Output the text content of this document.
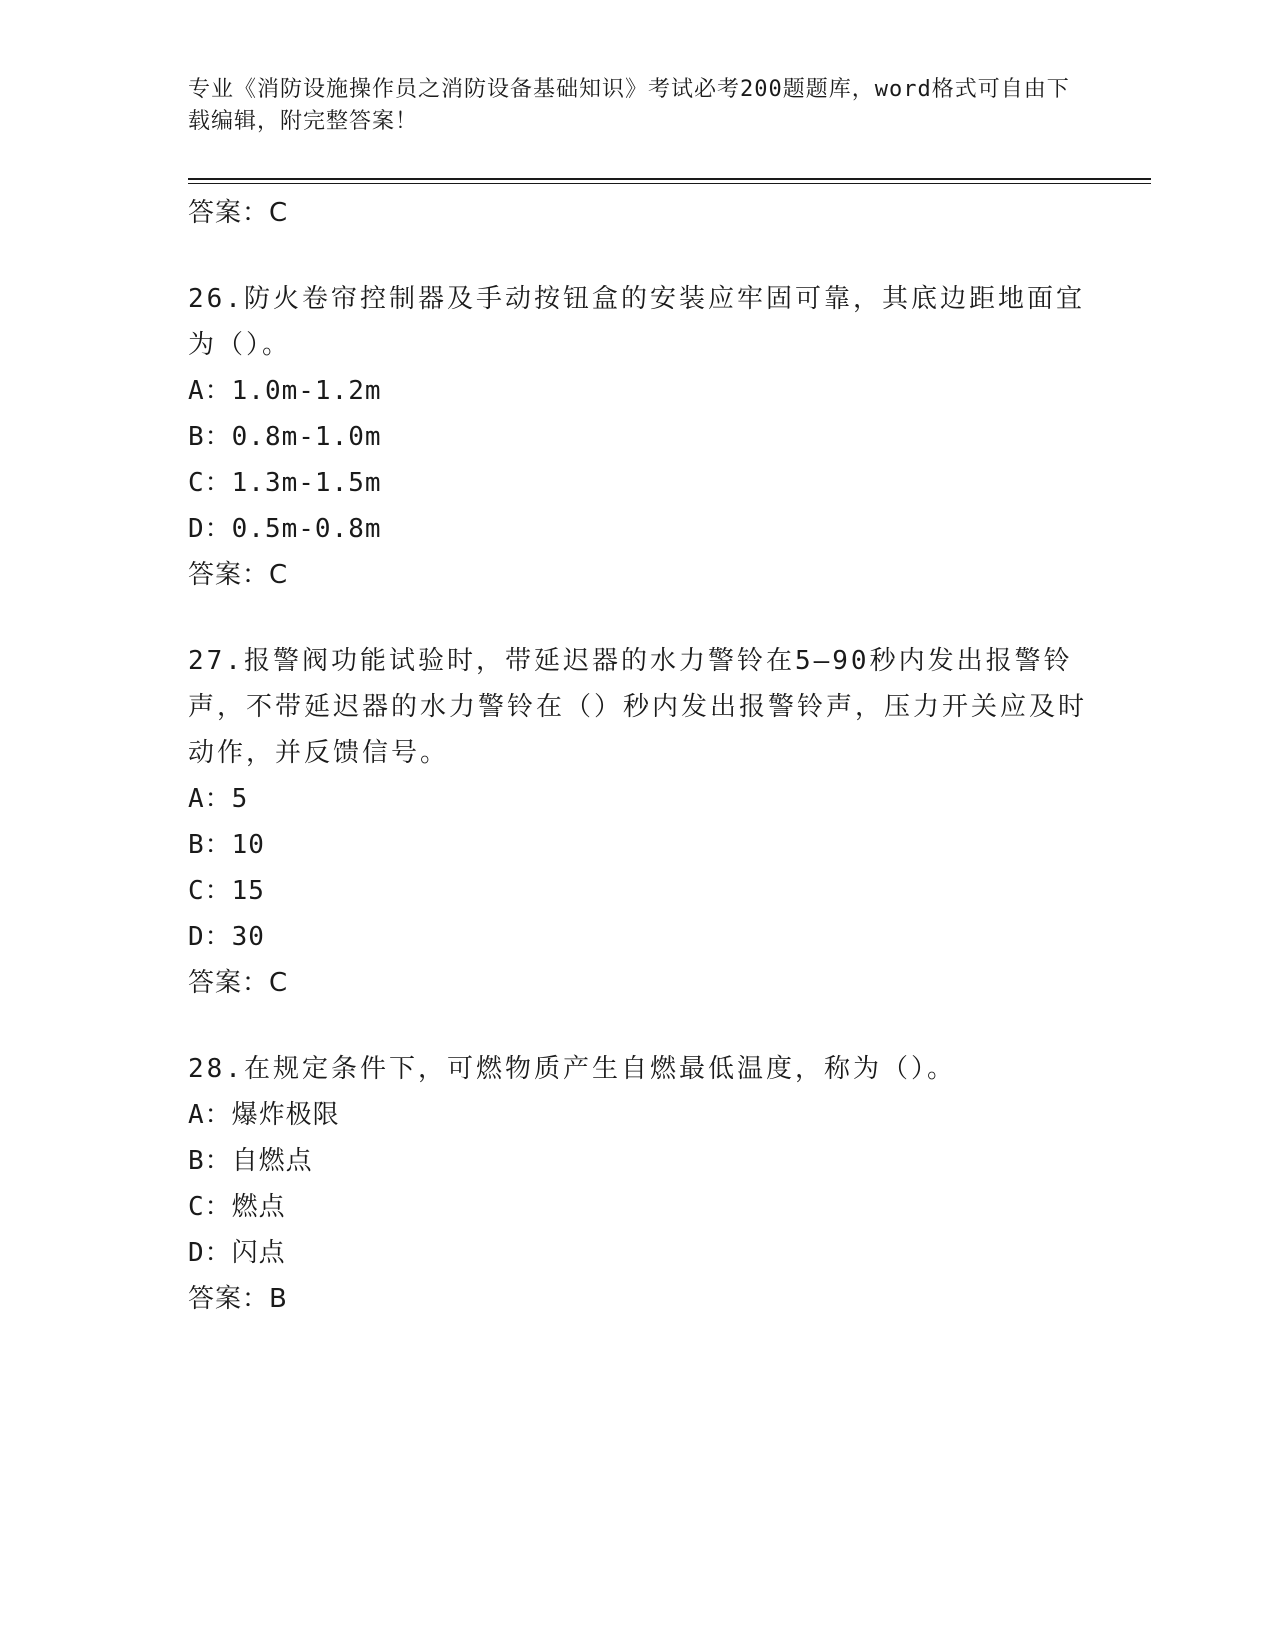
专业《消防设施操作员之消防设备基础知识》考试必考200题题库，word格式可自由下载编辑，附完整答案！
答案：C
26.防火卷帘控制器及手动按钮盒的安装应牢固可靠，其底边距地面宜为（）。
A：1.0m-1.2m
B：0.8m-1.0m
C：1.3m-1.5m
D：0.5m-0.8m
答案：C
27.报警阀功能试验时，带延迟器的水力警铃在5—90秒内发出报警铃声，不带延迟器的水力警铃在（）秒内发出报警铃声，压力开关应及时动作，并反馈信号。
A：5
B：10
C：15
D：30
答案：C
28.在规定条件下，可燃物质产生自燃最低温度，称为（）。
A：爆炸极限
B：自燃点
C：燃点
D：闪点
答案：B
